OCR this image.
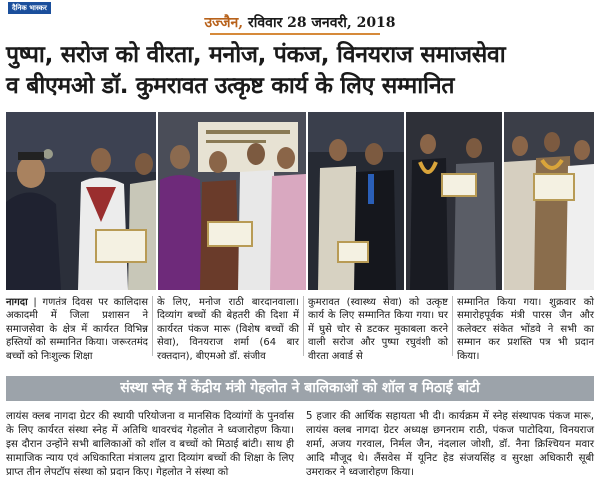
दैनिक भास्कर
उज्जैन, रविवार 28 जनवरी, 2018
पुष्पा, सरोज को वीरता, मनोज, पंकज, विनयराज समाजसेवा
व बीएमओ डॉ. कुमरावत उत्कृष्ट कार्य के लिए सम्मानित
नागदा | गणतंत्र दिवस पर कालिदास अकादमी में जिला प्रशासन ने समाजसेवा के क्षेत्र में कार्यरत विभिन्न हस्तियों को सम्मानित किया। जरूरतमंद बच्चों को निःशुल्क शिक्षा
के लिए, मनोज राठी बारदानवाला। दिव्यांग बच्चों की बेहतरी की दिशा में कार्यरत पंकज मारू (विशेष बच्चों की सेवा), विनयराज शर्मा (64 बार रक्तदान), बीएमओ डॉ. संजीव
कुमरावत (स्वास्थ्य सेवा) को उत्कृष्ट कार्य के लिए सम्मानित किया गया। घर में घुसे चोर से डटकर मुकाबला करने वाली सरोज और पुष्पा रघुवंशी को वीरता अवार्ड से
सम्मानित किया गया। शुक्रवार को समारोहपूर्वक मंत्री पारस जैन और कलेक्टर संकेत भोंडवे ने सभी का सम्मान कर प्रशस्ति पत्र भी प्रदान किया।
संस्था स्नेह में केंद्रीय मंत्री गेहलोत ने बालिकाओं को शॉल व मिठाई बांटी
लायंस क्लब नागदा ग्रेटर की स्थायी परियोजना व मानसिक दिव्यांगों के पुनर्वास के लिए कार्यरत संस्था स्नेह में अतिथि थावरचंद गेहलोत ने ध्वजारोहण किया। इस दौरान उन्होंने सभी बालिकाओं को शॉल व बच्चों को मिठाई बांटी। साथ ही सामाजिक न्याय एवं अधिकारिता मंत्रालय द्वारा दिव्यांग बच्चों की शिक्षा के लिए प्राप्त तीन लेपटॉप संस्था को प्रदान किए। गेहलोत ने संस्था को
5 हजार की आर्थिक सहायता भी दी। कार्यक्रम में स्नेह संस्थापक पंकज मारू, लायंस क्लब नागदा ग्रेटर अध्यक्ष छगनराम राठी, पंकज पाटोदिया, विनयराज शर्मा, अजय गरवाल, निर्मल जैन, नंदलाल जोशी, डॉ. नैना क्रिश्चियन मवार आदि मौजूद थे। लैंसवेस में यूनिट हेड संजयसिंह व सुरक्षा अधिकारी सूबी उमराकर ने ध्वजारोहण किया।
